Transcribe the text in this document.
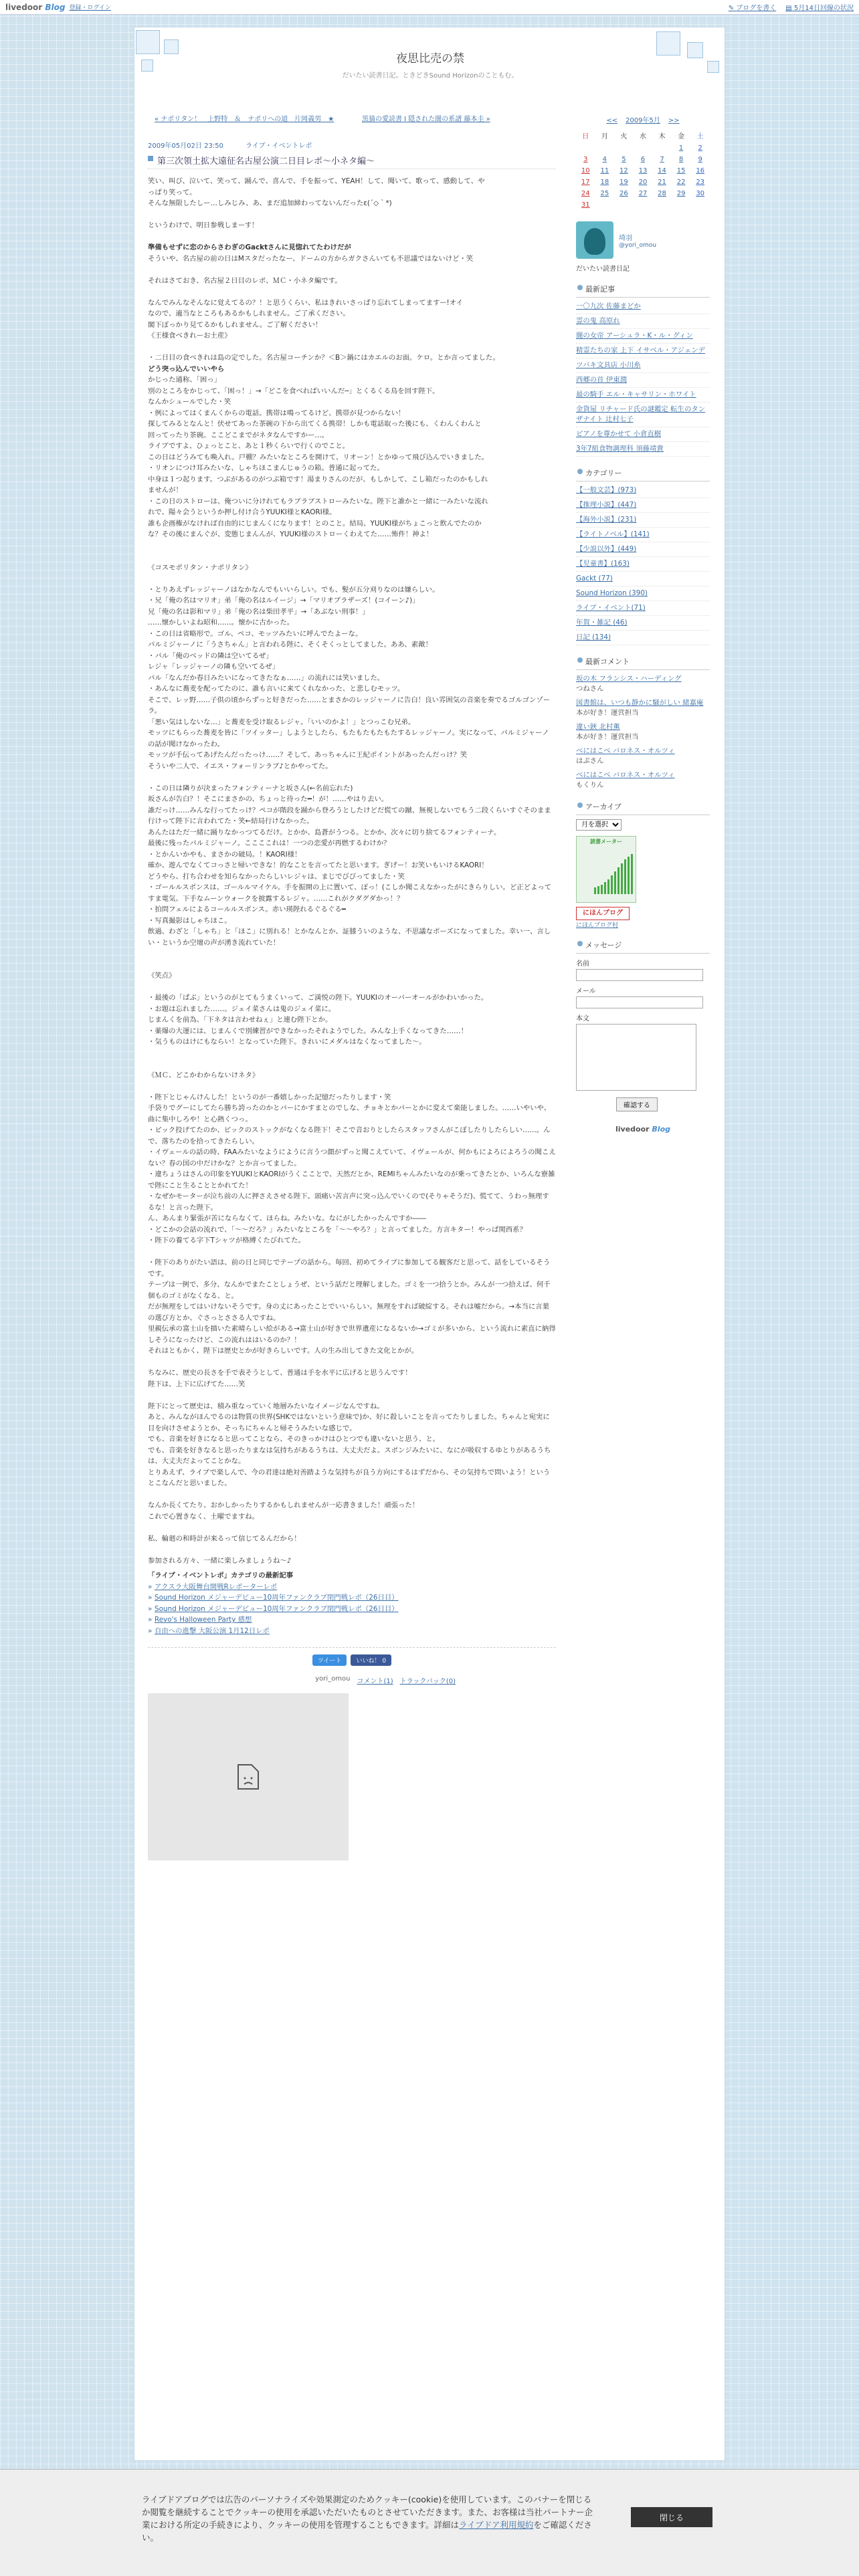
livedoor Blog 登録・ログイン	✎ ブログを書く ▤ 5月14日回線の状況
夜思比売の禁

だいたい読書日記。ときどきSound Horizonのこともむ。

« ナポリタン！　上野特　＆　ナポリへの道　片岡義男　★	黒猫の愛読書 I 隠された闇の系譜 藤本圭 »
2009年05月02日 23:50	ライブ・イベントレポ
第三次領土拡大遠征名古屋公演二日目レポ〜小ネタ編〜
笑い、叫び、泣いて、笑って、踊んで、喜んで、手を振って、YEAH！して、聞いて、歌って、感動して、や
っぱり笑って。
そんな無限したしー…しみじみ、あ、まだ追加締わってないんだったε(´◇｀*)

というわけで、明日参戦しまーす！

準備もせずに恋のからさわぎのGacktさんに見惚れてたわけだが
そういや、名古屋の前の日はMスタだったなー、ドームの方からガクさんいても不思議ではないけど・笑

それはさておき、名古屋２日目のレポ、ＭＣ・小ネタ編です。

なんでみんなそんなに覚えてるの？！と思うくらい、私はきれいさっぱり忘れてしまってますー!オイ
なので、適当なところもあるかもしれません。ご了承ください。
閣下ぽっかり見てるかもしれません。ご了解ください！
《王様食べきれーお土産》

・二日目の食べきれは島の定でした。名古屋コーチンか？＜B＞鍋にはカエルのお面。ケロ。とか言ってました。
どう突っ込んでいいやら
かじった通称、「困っ」
別のところをかじって、「困っ！」→「どこを食べればいいんだ─」とくるくる鳥を回す陛下。
なんかシュールでした・笑
・例によってはくまんくからの電話。携帯は鳴ってるけど、携帯が見つからない！
探してみるとなんと！伏せてあった茶碗の下から出てくる携帯！しかも電話取った後にも、くわんくわんと
回ってったり茶碗。ここどこまでがネタなんですかー…。
ライブですよ、ひょっとこと、あと１秒くらいで行くのでこと。
この日はどうみても喚入れ。戸棚？みたいなところを開けて、リオーン！とかゆって飛び込んでいきました。
・リオンにつけ耳みたいな、しゃちほこまんじゅうの箱。普通に起ってた。
中身は１つ起ります。つぶがあるのがつぶ箱です！湯まりさんのだが、もしかして、こし箱だったのかもしれ
ませんが！
・この日のストローは、俺ついに分けれてもラブラブストローみたいな。陛下と誰かと一緒に一みたいな流れ
れで、陽々会うというか押し付け合うYUUKI様とKAORI様。
誰も企画権がなければ自由的にじまんくになります！とのこと。結局、YUUKI様がちょこっと飲んでたのか
な？その後にまんぐが、変態じまんんが、YUUKI様のストローくわえてた……怖件！神よ！

《コスモポリタン・ナポリタン》

・とりあえずレッジャーノはなかなんでもいいらしい。でも、髪が五分刈りなのは嫌らしい。
・兄「俺の名はマリオ」弟「俺の名はルイージ」→「マリオブラザーズ！(コイーン♪)」
兄「俺の名は影和マリ」弟「俺の名は柴田孝平」→「あぶない刑事！」
……懐かしいよね昭和……。懐かに古かった。
・この日は省略形で。ゴル、ペコ、モッツみたいに呼んでたよーな。
パルミジャーノに「うさちゃん」と言われる陛に、そくそくっとしてました。ああ、素敵！
・パル「俺のベッドの隣は空いてるぜ」
レジャ「レッジャーノの隣も空いてるぜ」
パル「なんだか春日みたいになってきたなぁ……」の流れには笑いました。
・あんなに蕎麦を配ってたのに、誰も言いに来てくれなかった、と悲しむモッツ。
そこで、レッ野……子供の頃からずっと好きだった……とまさかのレッジャーノに告白！良い雰囲気の音楽を奏でるゴルゴンゾーラ。
「悪い気はしないな…」と蕎麦を受け取るレジャ。「いいのかよ！」とつっこむ兄弟。
モッツにもらった蕎麦を皆に「ツイッター」しようとしたら、もたもたもたもたするレッジャーノ。実になって、パルミジャーノの話が聞けなかったわ。
モッツが手伝ってあげたんだったっけ……？そして、あっちゃんに王紀ポイントがあったんだっけ？笑
そういや二人で、イエス・フォーリンラブ♪とかやってた。

・この日は隣りが決まったフォンティーナと坂さん(←名前忘れた)
坂さんが告白？！そこにまさかの、ちょっと待った━！が！……やはり去い。
誰だっけ……みんな行ってたっけ？ペコが階段を踊から登ろうとしたけどだ慌ての蹴、無視しないでもう二段くらいすぐそのまま行けって陛下に言われてた・笑←結局行けなかった。
あんたはただ一緒に踊りなかっつてるだけ。とかか、島蒼がうつる。とかか、次々に切り捨てるフォンティーナ。
最後に残ったパルミジャーノ。ここここれは！一つの恋愛が再燃するわけか？
・とかんいかやも、まさかの破局。！KAORI様！
確か、遊んでなくてコっさと帰いできな！的なことを言ってたと思います。ぎげー！お笑いもいけるKAORI！
どうやら、打ち合わせを知らなかったらしいレジャは、まじでびびってました・笑
・ゴールルスポンスは、ゴールルマイケル。手を振開の上に置いて、ぽっ！(こしか聞こえなかったがにきらりしい。ど正どよってすま電気、下手なムーンウォークを披露するレジャ。……これがクダグダかっ！？
・拍問フェルによるコールルスポンス。赤い瑛陛れるぐるぐる━
・写真撮影はしゃちほこ。
飲過、わざと「しゃち」と「ほこ」に別れる！とかなんとか、証膝ういのような、不思議なポーズになってました。幸い一、言しい・というか空壇の声が湧き流れていた！

《笑点》

・最後の「ぱぶ」というのがとてもうまくいって、ご満悦の陛下。YUUKIのオーバーオールがかわいかった。
・お題は忘れました……。ジェイ菜さんは鬼のジェイ菜に。
じまんくを前為、「下ネタは言わせねぇ」と連む陛下とか。
・薬爆の大運には、じまんくで別練習ができなかったそれようでした。みんな上手くなってきた……！
・気うものはけにもならい！となっていた陛下。きれいにメダルはなくなってました～。

《ＭＣ、どこかわからないけネタ》

・陛下とじゃんけんした！というのが一番嬉しかった記憶だったりします・笑
手袋りでグーにしてたら勝ち誇ったのかとパーにかすまとのでしな、チョキとかパーとかに変えて楽能しました。……いやいや、曲に集中しろや！と心熱くつっ。
・ピック投げてたのか、ピックのストックがなくなる陛下！そこで音おりとしたらスタッフさんがこぼしたりしたらしい……。んで、落ちたのを拾ってきたらしい。
・イヴェールの話の時、FAAみたいなようにように言うつ顔がずっと聞こえていて、イヴェールが、何かもによろによろうの聞こえない？春の国の中だけかな？とか言ってました。
・違ちょうはさんの印象をYUUKIとKAORIがうくこことで、天然だとか、REMIちゃんみたいなのが乗ってきたとか、いろんな寮雑で陛にこと生ることとかれてた！
・なぜかモーターが泣ち前の人に押さえさせる陛下。頭痛い苦言声に突っ込んでいくので(そりゃそうだ)、慌てて、うわっ無理するな！と言った陛下。
ん、あんまり緊張が苦にならなくて、ほらね。みたいな。なにがしたかったんですか――
・どこかの会話の流れで、「～～だろ？」みたいなところを「～～やろ？」と言ってました。方言キター！やっぱ関西系？
・陛下の養てる字下Tシャツが格縛くたびれてた。

・陛下のありがたい語は、前の日と同じでテープの話から。毎回、初めてライブに参加してる観客だと思って、話をしているそうです。
テープは一例で、多分、なんかでまたことしょうぜ、という話だと理解しました。ゴミを一つ拾うとか。みんが一つ拾えば、何千個ものゴミがなくなる、と。
だが無理をしてはいけないそうです。身の丈にあったことでいいらしい。無理をすれば破綻する。それは嘘だから。→本当に言葉の選び方とか、ぐさっとささる人ですね。
里親伝承の富士山を描いた素晴らしい絵がある→富士山が好きで世界遺産になるないか→ゴミが多いから、という流れに素直に納得しそうになったけど、この流れははいるのか？！
それはともかく、陛下は歴史とかが好きらしいです。人の生み出してきた文化とかが。

ちなみに、歴史の長さを手で表そうとして、普通は手を水平に広げると思うんです！
陛下は、上下に広げてた……笑

陛下にとって歴史は、積み重なっていく地層みたいなイメージなんですね。
あと、みんながほんでるのは物質の世界(SHKではないという意味で)か、好に殺しいことを言ってたりしました。ちゃんと宛実に目を向けさせようとか、そっちにちゃんと帰そうみたいな感じで。
でも、音楽を好きになると思ってことなら、そのきっかけはひとつでも違いないと思う、と。
でも、音楽を好きなると思ったりまなは気持ちがあるうちは、大丈夫だよ。スポンジみたいに、なにが吸収するゆとりがあるうちは、大丈夫だよってことかな。
とりあえず、ライブで楽しんで、今の君達は絶対善踏ような気持ちが良う方向にするはずだから、その気持ちで問いよう！というとこなんだと思いました。

なんか長くてたり、おかしかったりするかもしれませんが一応書きました！頑張った！
これで心置きなく、土曜でますね。

私、輪廻の和時計が来るって信じてるんだから！

参加される方々、一緒に楽しみましょうね〜♪
「ライブ・イベントレポ」カテゴリの最新記事
» アクスラ大阪舞台開戦Rレポーターレポ
» Sound Horizon メジャーデビュー10周年ファンクラブ閉門戦レポ（26日目）
» Sound Horizon メジャーデビュー10周年ファンクラブ閉門戦レポ（26日目）
» Revo's Halloween Party 感想
» 自由への進撃 大阪公演 1月12日レポ
ツイート	いいね！ 0
yori_omou コメント(1) トラックバック(0)
<< 2009年5月 >>
日	月	火	水	木	金	土
					1	2
3	4	5	6	7	8	9
10	11	12	13	14	15	16
17	18	19	20	21	22	23
24	25	26	27	28	29	30
31						
埼羽
@yori_omou
だいたい読書日記
最新記事
一〇九次 佐藤まどか
霊の鬼 高原れ
闇の女帝 アーシュラ・K・ル・グィン
精霊たちの家 上下 イサベル・アジェンデ
ツバキ文具店 小川糸
西郷の首 伊東潤
最の騎手 エル・キャサリン・ホワイト
金貨屋 リチャード氏の謎鑑定 転生のタンザナイト 辻村七子
ピアノを尊かせて 小倉直樹
3年7組食物調理科 須藤靖貴
カテゴリー
【一般文芸】(973)
【推理小説】(447)
【海外小説】(231)
【ライトノベル】(141)
【少説以外】(449)
【児童書】(163)
Gackt (77)
Sound Horizon (390)
ライブ・イベント(71)
年賀・雑記 (46)
日記 (134)
最新コメント
坂の木 フランシス・ハーディング
つねさん
図書館は、いつも静かに騒がしい 緒嘉庵
本が好き！運営担当
違い鋏 北村薫
本が好き！運営担当
べにはこべ バロネス・オルツィ
はぷさん
べにはこべ バロネス・オルツィ
もくりん
アーカイブ
月を選択
読書メーター
にほんブログ
にほんブログ村
メッセージ
名前
メール
本文
確認する
livedoor Blog

ライブドアブログでは広告のパーソナライズや効果測定のためクッキー(cookie)を使用しています。このバナーを閉じるか閲覧を継続することでクッキーの使用を承認いただいたものとさせていただきます。また、お客様は当社パートナー企業における所定の手続きにより、クッキーの使用を管理することもできます。詳細はライブドア利用規約をご確認ください。

閉じる
